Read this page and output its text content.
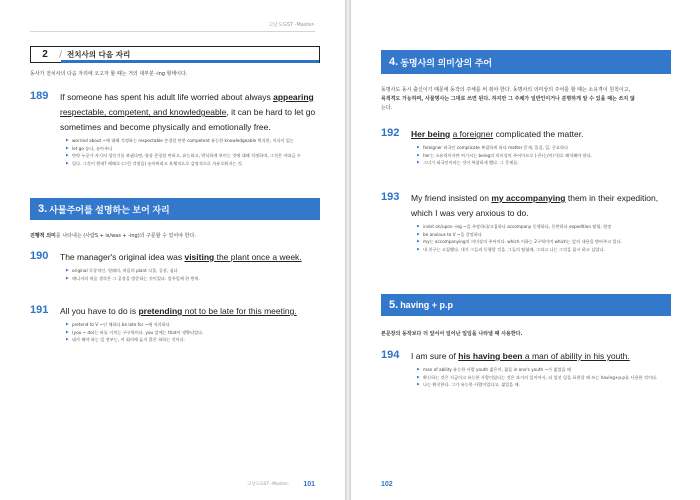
고난도GST -Master-
2	/ 전치사의 다음 자리
동사가 전치사의 다음 자리에 오고자 할 때는 거의 대부분 -ing 형태이다.
189 If someone has spent his adult life worried about always appearing respectable, competent, and knowledgeable, it can be hard to let go sometimes and become physically and emotionally free.
▶ worried about ~에 대해 걱정하는 respectable 존경할 만한 competent 유능한 knowledgeable 박식한, 지식이 있는
▶ let go 놓다, 놓아주다
▶ 만약 누군가 자기의 성인기를 보냈다면, 항상 존경할 만하고, 유능하고, 박식하게 보이는 것에 대해 걱정하며, 그것은 이따금 수
▶ 있다. 그것이 뭔데? 때때로 (그런 걱정을) 놓아버리고 육체적으로 감정적으로 자유로워지는 것.
3. 사물주어를 설명하는 보어 자리
진행적 의미를 나타내는 (사람S + is/was + -ing)의 구문할 수 있어야 한다.
190 The manager's original idea was visiting the plant once a week.
▶ original 독창적인, 원래의, 처음의 plant 식물, 공장, 심다
▶ 매니저의 처음 생각은 그 공장을 방문하는 것이었다. 일주일에 한 번씩.
191 All you have to do is pretending not to be late for this meeting.
▶ pretend to V ~인 체하다 be late for ~에 지각하다
▶ (you ~ do)는 바를 거치는 구구역이다. you 앞에는 that이 생략되었다.
▶ 네가 해야 하는 일 전부는, 이 회의에 늦지 않은 척하는 것이다.
고난도GST -Master- 101
4. 동명사의 의미상의 주어
동명사도 동시 출신이기 때문에 동작의 주체를 써 줘야 한다. 동명사의 의미상의 주어를 할 때는 소유격이 원칙이고,
목적격도 가능하며, 사물명사는 그대로 쓰면 된다. 하지만 그 주체가 일반인이거나 분명하게 알 수 있을 때는 쓰지 않
는다.
192 Her being a foreigner complicated the matter.
▶ foreigner 외국인 complicate 복잡하게 하다 matter 문제, 물질, 일, 중요하다
▶ her는 소유격이자만 여기서는 being의 의미상의 주어이므로 (-은/는/이/가)로 해석해야 한다.
▶ 그녀가 외국인이라는 것이 복잡하게 했다. 그 문제를.
193 My friend insisted on my accompanying them in their expedition, which I was very anxious to do.
▶ insist on/upon -ing ~을 주장하다/고집하다 accompany 동행하다, 동반하다 expedition 탐험, 원정
▶ be anxious to V ~을 갈망하다
▶ my는 accompanying의 의미상의 주어이다. which 이하는 2구역이며 which는 앞의 내용을 받아주고 있다.
▶ 내 친구는 고집했다. 내가 그들과 동행할 것을. 그들의 탐험에, 그리고 나는 그것을 몹시 하고 싶었다.
5. having + p.p
본문장의 동작보다 더 앞서서 일어난 일임을 나타낼 때 사용한다.
194 I am sure of his having been a man of ability in his youth.
▶ man of ability 유능한 사람 youth 젊은이, 젊음 in one's youth ~가 젊었을 때
▶ 확신하는 것은 지금이고 유능한 사람이었다는 것은 과거의 일이어서, 더 앞선 일을 표현할 때 쓰는 having+p.p를 사용한 것이다.
▶ 나는 확신한다. 그가 유능한 사람이었다고, 젊었을 때.
102
